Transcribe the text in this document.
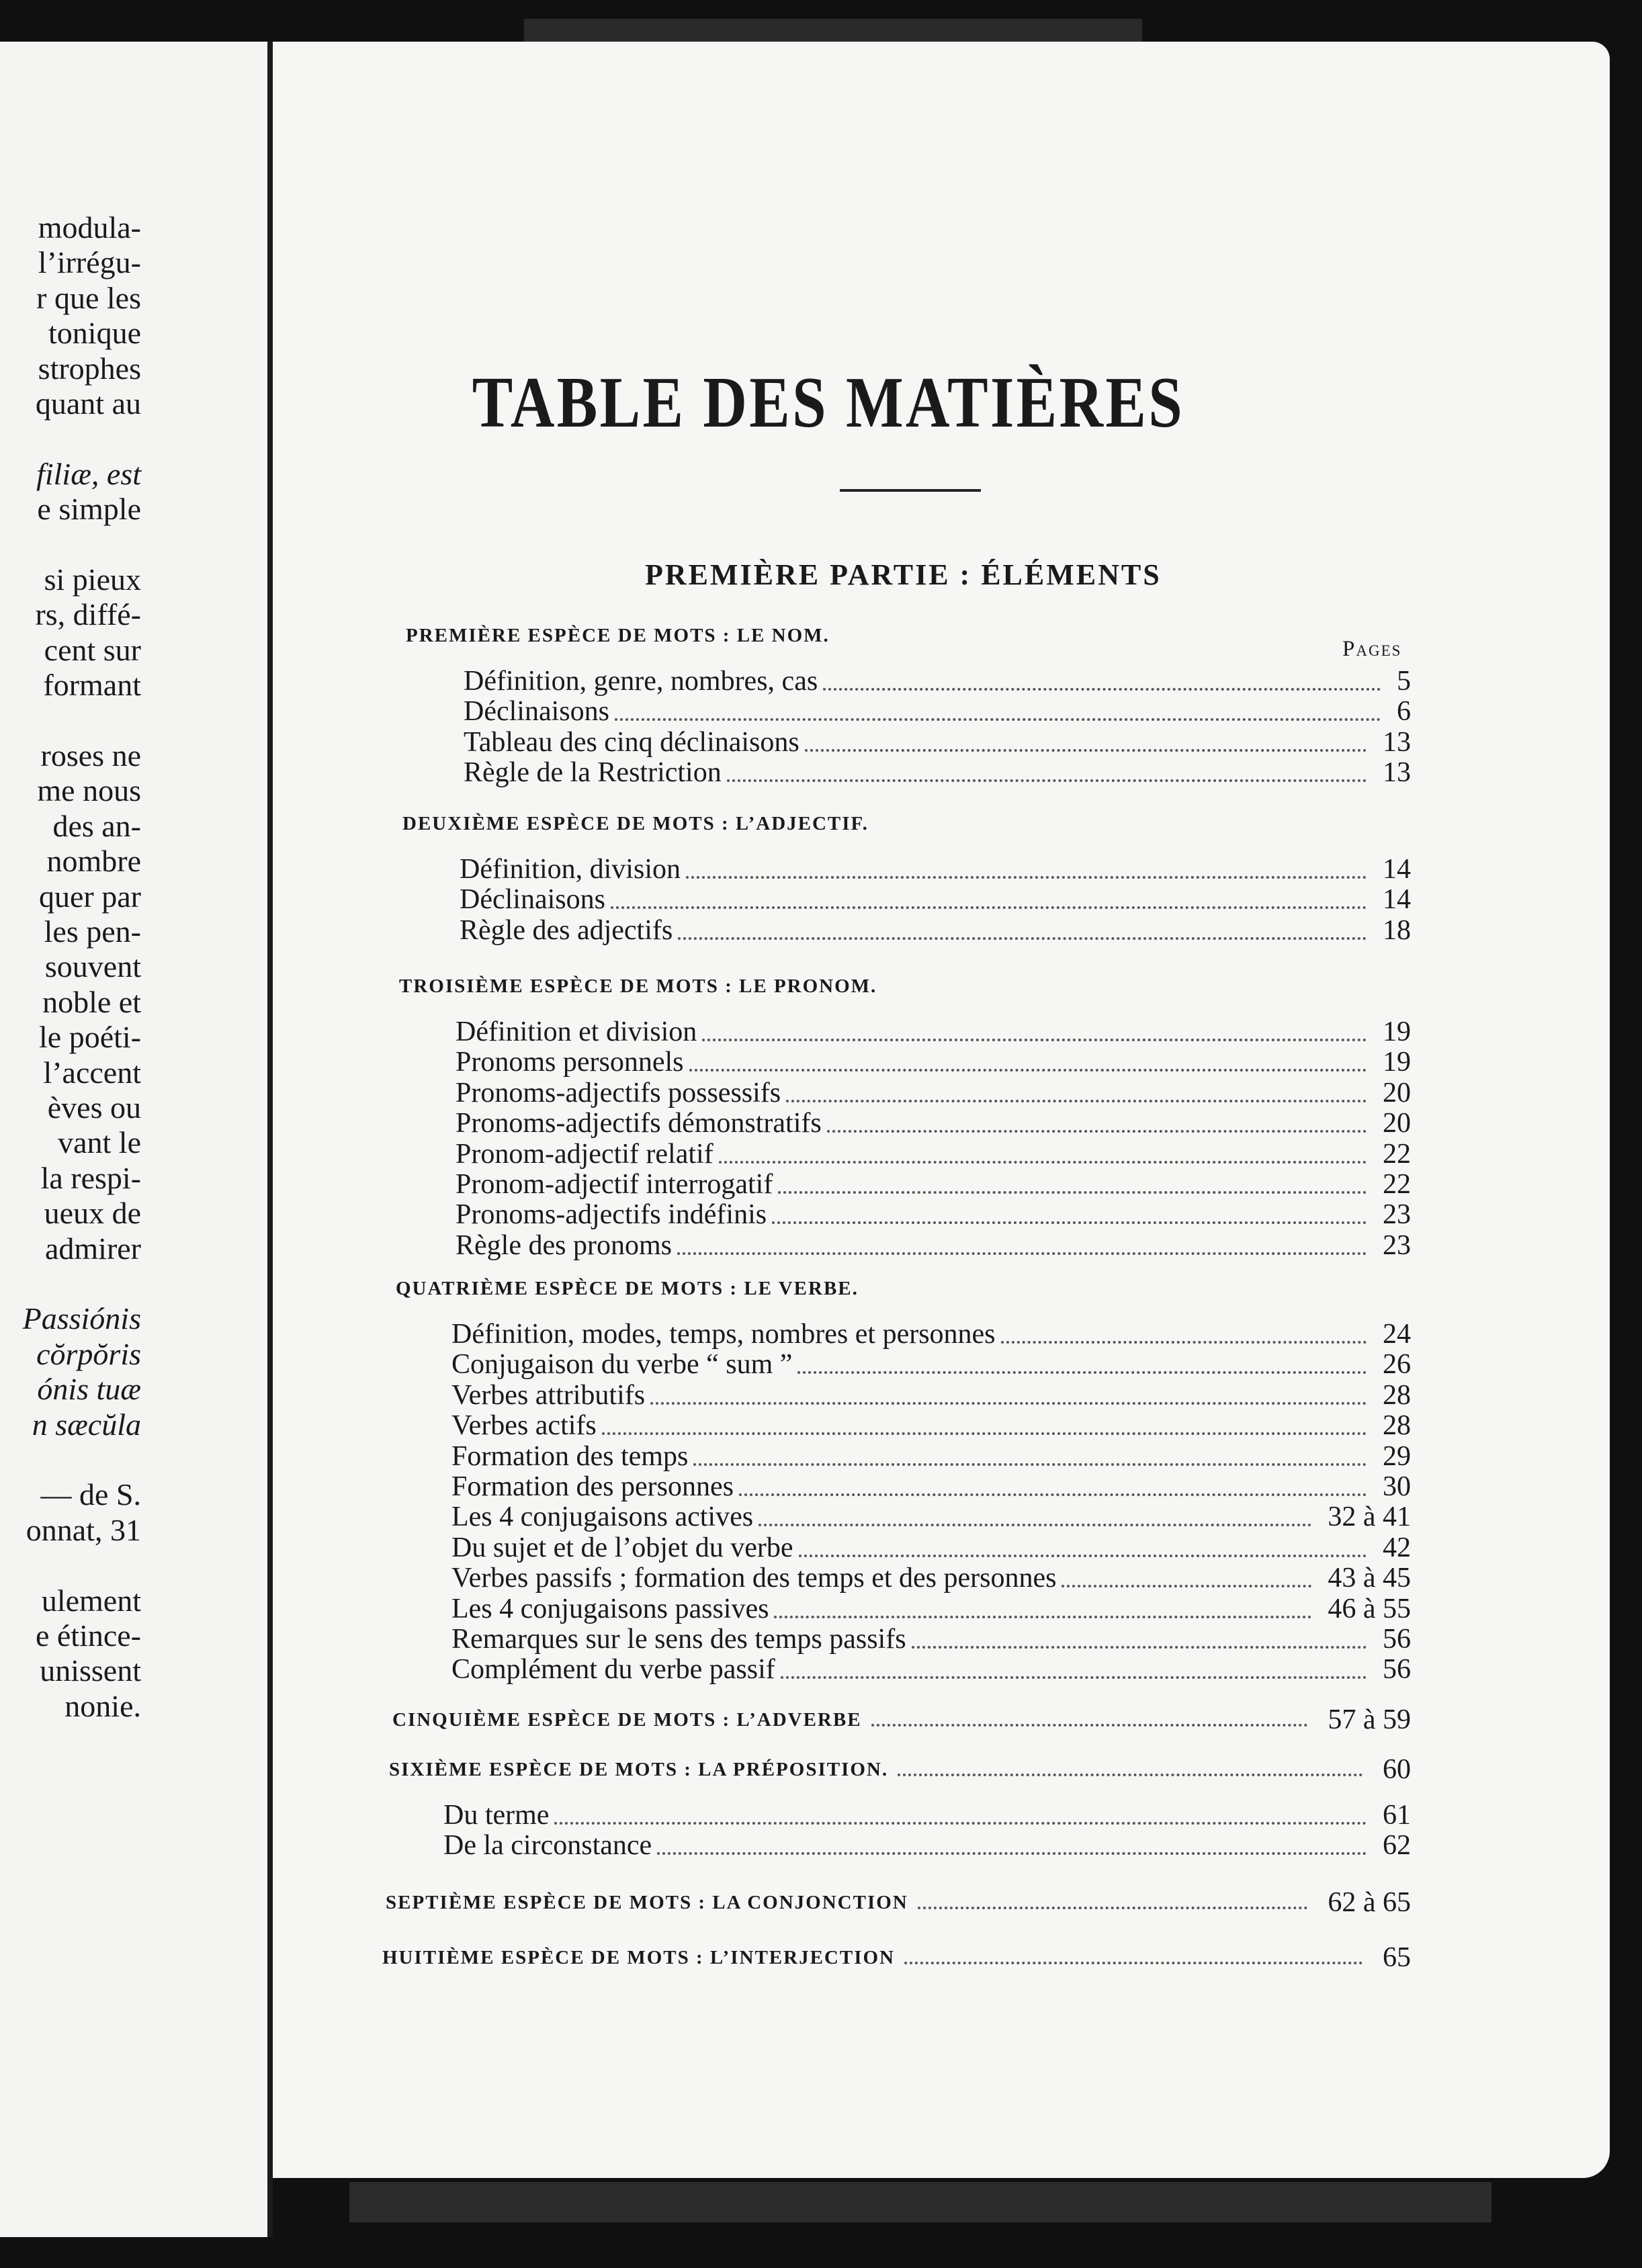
modula-
l’irrégu-
r que les
tonique
strophes
quant au
filiæ, est
e simple
si pieux
rs, diffé-
cent sur
formant
roses ne
me nous
des an-
nombre
quer par
les pen-
souvent
noble et
le poéti-
l’accent
èves ou
vant le
la respi-
ueux de
admirer
Passiónis
cŏrpŏris
ónis tuæ
n sæcŭla
— de S.
onnat, 31
ulement
e étince-
unissent
nonie.
TABLE DES MATIÈRES
PREMIÈRE PARTIE : ÉLÉMENTS
Pages
PREMIÈRE ESPÈCE DE MOTS : LE NOM.
Définition, genre, nombres, cas	5
Déclinaisons	6
Tableau des cinq déclinaisons	13
Règle de la Restriction	13
DEUXIÈME ESPÈCE DE MOTS : L’ADJECTIF.
Définition, division	14
Déclinaisons	14
Règle des adjectifs	18
TROISIÈME ESPÈCE DE MOTS : LE PRONOM.
Définition et division	19
Pronoms personnels	19
Pronoms-adjectifs possessifs	20
Pronoms-adjectifs démonstratifs	20
Pronom-adjectif relatif	22
Pronom-adjectif interrogatif	22
Pronoms-adjectifs indéfinis	23
Règle des pronoms	23
QUATRIÈME ESPÈCE DE MOTS : LE VERBE.
Définition, modes, temps, nombres et personnes	24
Conjugaison du verbe “ sum ”	26
Verbes attributifs	28
Verbes actifs	28
Formation des temps	29
Formation des personnes	30
Les 4 conjugaisons actives	32 à 41
Du sujet et de l’objet du verbe	42
Verbes passifs ; formation des temps et des personnes	43 à 45
Les 4 conjugaisons passives	46 à 55
Remarques sur le sens des temps passifs	56
Complément du verbe passif	56
CINQUIÈME ESPÈCE DE MOTS : L’ADVERBE	57 à 59
SIXIÈME ESPÈCE DE MOTS : LA PRÉPOSITION.	60
Du terme	61
De la circonstance	62
SEPTIÈME ESPÈCE DE MOTS : LA CONJONCTION	62 à 65
HUITIÈME ESPÈCE DE MOTS : L’INTERJECTION	65
